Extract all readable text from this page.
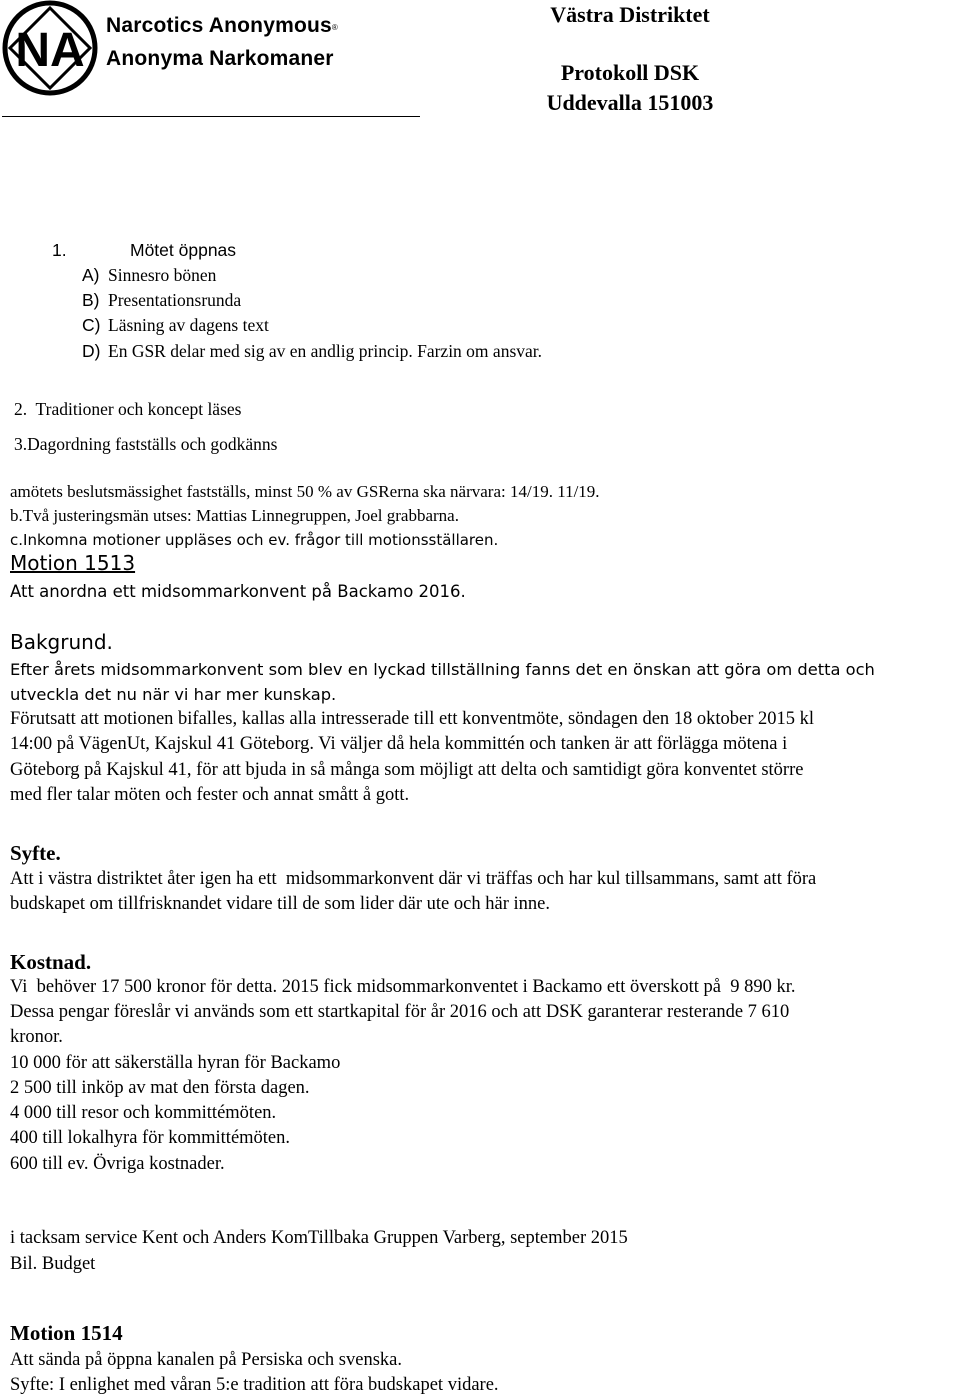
NA Narcotics Anonymous®
Anonyma Narkomaner
Västra Distriktet
Protokoll DSK
Uddevalla 151003
1.	Mötet öppnas
A) Sinnesro bönen
B) Presentationsrunda
C) Läsning av dagens text
D) En GSR delar med sig av en andlig princip. Farzin om ansvar.
2.  Traditioner och koncept läses
3.Dagordning fastställs och godkänns
amötets beslutsmässighet fastställs, minst 50 % av GSRerna ska närvara: 14/19. 11/19.
b.Två justeringsmän utses: Mattias Linnegruppen, Joel grabbarna.
c.Inkomna motioner uppläses och ev. frågor till motionsställaren.
Motion 1513
Att anordna ett midsommarkonvent på Backamo 2016.
Bakgrund.
Efter årets midsommarkonvent som blev en lyckad tillställning fanns det en önskan att göra om detta och
utveckla det nu när vi har mer kunskap.
Förutsatt att motionen bifalles, kallas alla intresserade till ett konventmöte, söndagen den 18 oktober 2015 kl
14:00 på VägenUt, Kajskul 41 Göteborg. Vi väljer då hela kommittén och tanken är att förlägga mötena i
Göteborg på Kajskul 41, för att bjuda in så många som möjligt att delta och samtidigt göra konventet större
med fler talar möten och fester och annat smått å gott.
Syfte.
Att i västra distriktet åter igen ha ett  midsommarkonvent där vi träffas och har kul tillsammans, samt att föra
budskapet om tillfrisknandet vidare till de som lider där ute och här inne.
Kostnad.
Vi  behöver 17 500 kronor för detta. 2015 fick midsommarkonventet i Backamo ett överskott på  9 890 kr.
Dessa pengar föreslår vi används som ett startkapital för år 2016 och att DSK garanterar resterande 7 610
kronor.
10 000 för att säkerställa hyran för Backamo
2 500 till inköp av mat den första dagen.
4 000 till resor och kommittémöten.
400 till lokalhyra för kommittémöten.
600 till ev. Övriga kostnader.
i tacksam service Kent och Anders KomTillbaka Gruppen Varberg, september 2015
Bil. Budget
Motion 1514
Att sända på öppna kanalen på Persiska och svenska.
Syfte: I enlighet med våran 5:e tradition att föra budskapet vidare.
